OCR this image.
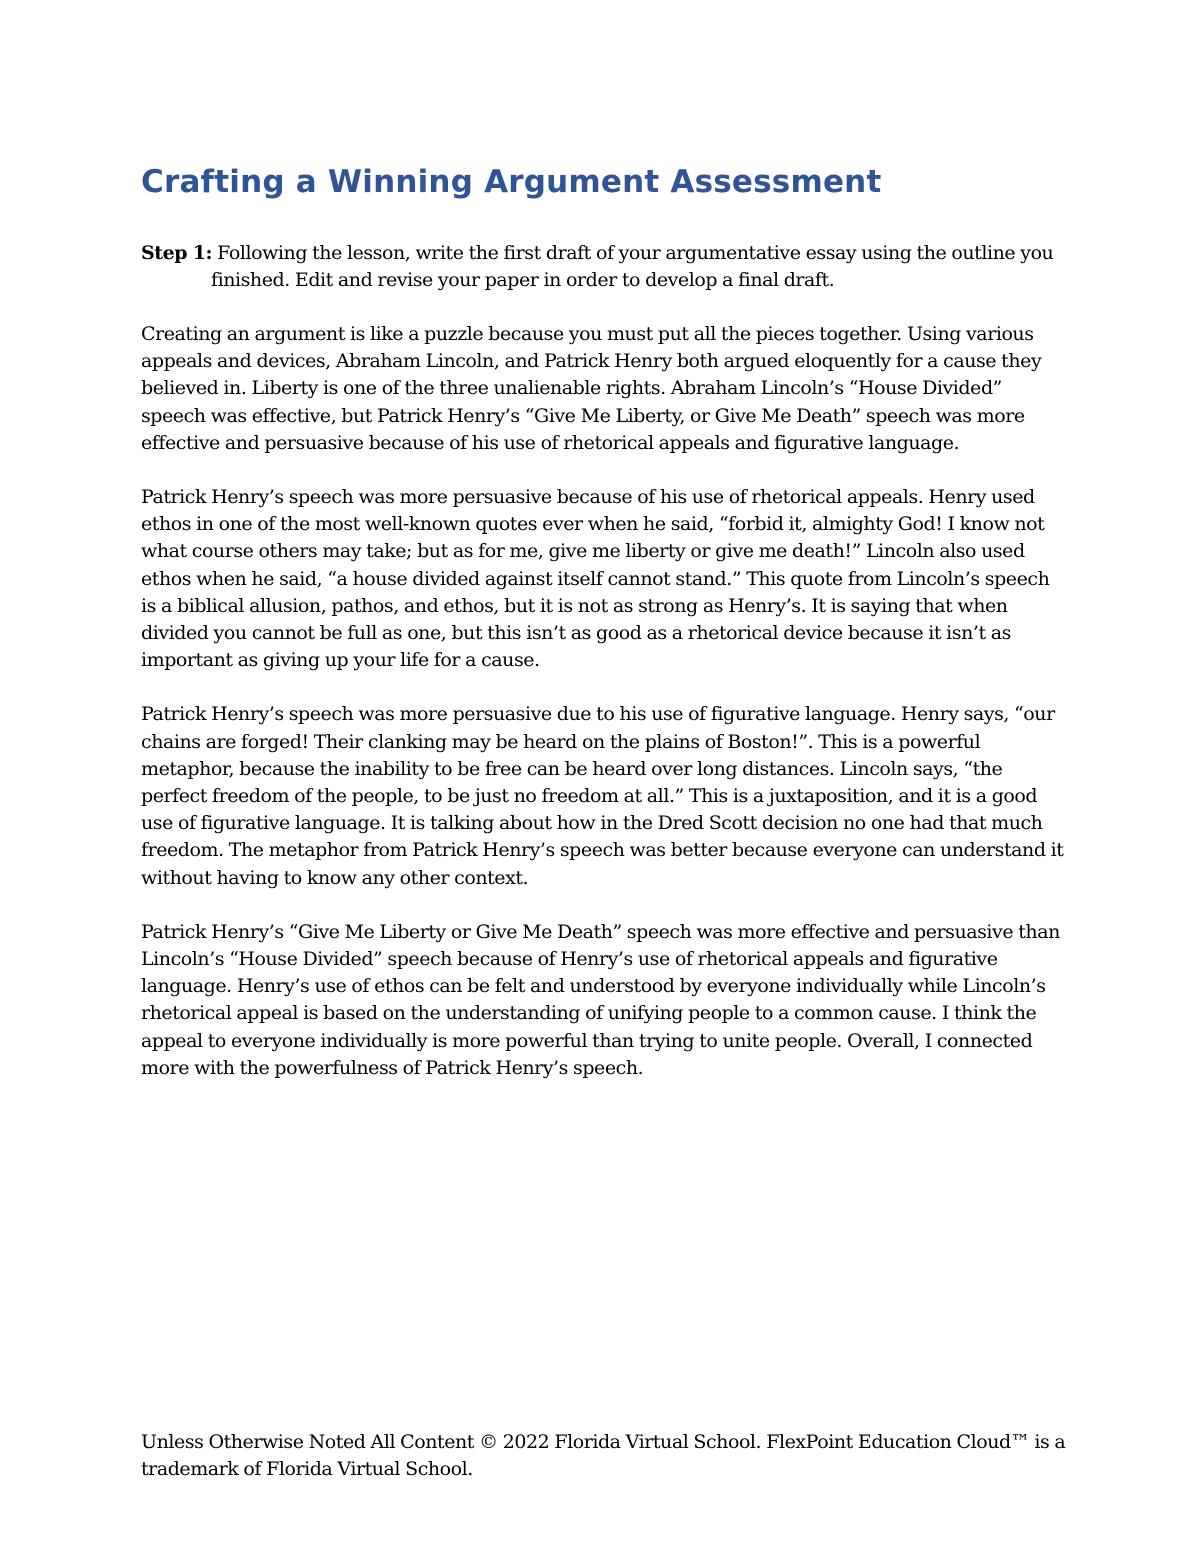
Crafting a Winning Argument Assessment

Step 1: Following the lesson, write the first draft of your argumentative essay using the outline you finished. Edit and revise your paper in order to develop a final draft.

Creating an argument is like a puzzle because you must put all the pieces together. Using various appeals and devices, Abraham Lincoln, and Patrick Henry both argued eloquently for a cause they believed in. Liberty is one of the three unalienable rights. Abraham Lincoln’s “House Divided” speech was effective, but Patrick Henry’s “Give Me Liberty, or Give Me Death” speech was more effective and persuasive because of his use of rhetorical appeals and figurative language.

Patrick Henry’s speech was more persuasive because of his use of rhetorical appeals. Henry used ethos in one of the most well-known quotes ever when he said, “forbid it, almighty God! I know not what course others may take; but as for me, give me liberty or give me death!” Lincoln also used ethos when he said, “a house divided against itself cannot stand.” This quote from Lincoln’s speech is a biblical allusion, pathos, and ethos, but it is not as strong as Henry’s. It is saying that when divided you cannot be full as one, but this isn’t as good as a rhetorical device because it isn’t as important as giving up your life for a cause.

Patrick Henry’s speech was more persuasive due to his use of figurative language. Henry says, “our chains are forged! Their clanking may be heard on the plains of Boston!”. This is a powerful metaphor, because the inability to be free can be heard over long distances. Lincoln says, “the perfect freedom of the people, to be just no freedom at all.” This is a juxtaposition, and it is a good use of figurative language. It is talking about how in the Dred Scott decision no one had that much freedom. The metaphor from Patrick Henry’s speech was better because everyone can understand it without having to know any other context.

Patrick Henry’s “Give Me Liberty or Give Me Death” speech was more effective and persuasive than Lincoln’s “House Divided” speech because of Henry’s use of rhetorical appeals and figurative language. Henry’s use of ethos can be felt and understood by everyone individually while Lincoln’s rhetorical appeal is based on the understanding of unifying people to a common cause. I think the appeal to everyone individually is more powerful than trying to unite people. Overall, I connected more with the powerfulness of Patrick Henry’s speech.

Unless Otherwise Noted All Content © 2022 Florida Virtual School. FlexPoint Education Cloud™ is a trademark of Florida Virtual School.
